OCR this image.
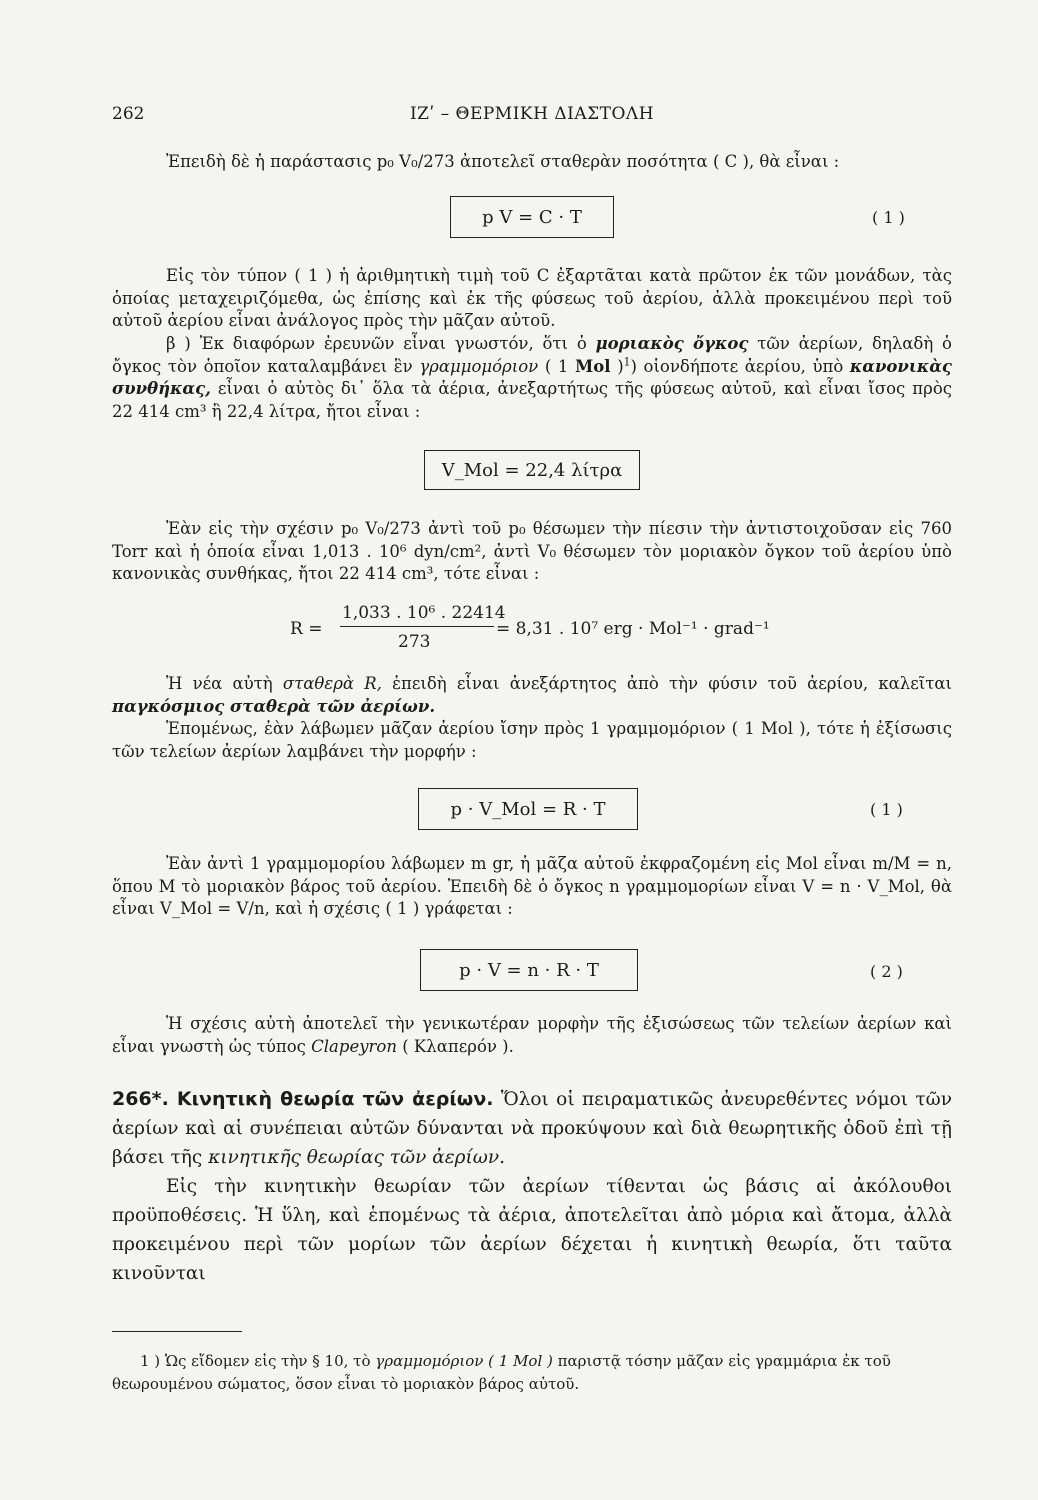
262	ΙΖʹ – ΘΕΡΜΙΚΗ ΔΙΑΣΤΟΛΗ

Ἐπειδὴ δὲ ἡ παράστασις p₀ V₀/273 ἀποτελεῖ σταθερὰν ποσότητα ( C ), θὰ εἶναι :

p V = C · T	( 1 )

Εἰς τὸν τύπον ( 1 ) ἡ ἀριθμητικὴ τιμὴ τοῦ C ἐξαρτᾶται κατὰ πρῶτον ἐκ τῶν μονάδων, τὰς ὁποίας μεταχειριζόμεθα, ὡς ἐπίσης καὶ ἐκ τῆς φύσεως τοῦ ἀερίου, ἀλλὰ προκειμένου περὶ τοῦ αὐτοῦ ἀερίου εἶναι ἀνάλογος πρὸς τὴν μᾶζαν αὐτοῦ.

β ) Ἐκ διαφόρων ἐρευνῶν εἶναι γνωστόν, ὅτι ὁ μοριακὸς ὄγκος τῶν ἀερίων, δηλαδὴ ὁ ὄγκος τὸν ὁποῖον καταλαμβάνει ἓν γραμμομόριον ( 1 Mol )$^1$) οἱονδήποτε ἀερίου, ὑπὸ κανονικὰς συνθήκας, εἶναι ὁ αὐτὸς δι᾽ ὅλα τὰ ἀέρια, ἀνεξαρτήτως τῆς φύσεως αὐτοῦ, καὶ εἶναι ἴσος πρὸς 22 414 cm³ ἢ 22,4 λίτρα, ἤτοι εἶναι :

V_Mol = 22,4 λίτρα

Ἐὰν εἰς τὴν σχέσιν p₀ V₀/273 ἀντὶ τοῦ p₀ θέσωμεν τὴν πίεσιν τὴν ἀντιστοιχοῦσαν εἰς 760 Torr καὶ ἡ ὁποία εἶναι 1,013 . 10⁶ dyn/cm², ἀντὶ V₀ θέσωμεν τὸν μοριακὸν ὄγκον τοῦ ἀερίου ὑπὸ κανονικὰς συνθήκας, ἤτοι 22 414 cm³, τότε εἶναι :

R =
1,033 . 10⁶ . 22414
273
= 8,31 . 10⁷ erg · Mol⁻¹ · grad⁻¹

Ἡ νέα αὐτὴ σταθερὰ R, ἐπειδὴ εἶναι ἀνεξάρτητος ἀπὸ τὴν φύσιν τοῦ ἀερίου, καλεῖται παγκόσμιος σταθερὰ τῶν ἀερίων.

Ἑπομένως, ἐὰν λάβωμεν μᾶζαν ἀερίου ἴσην πρὸς 1 γραμμομόριον ( 1 Mol ), τότε ἡ ἐξίσωσις τῶν τελείων ἀερίων λαμβάνει τὴν μορφήν :

p · V_Mol = R · T	( 1 )

Ἐὰν ἀντὶ 1 γραμμομορίου λάβωμεν m gr, ἡ μᾶζα αὐτοῦ ἐκφραζομένη εἰς Mol εἶναι m/M = n, ὅπου M τὸ μοριακὸν βάρος τοῦ ἀερίου. Ἐπειδὴ δὲ ὁ ὄγκος n γραμμομορίων εἶναι V = n · V_Mol, θὰ εἶναι V_Mol = V/n, καὶ ἡ σχέσις ( 1 ) γράφεται :

p · V = n · R · T	( 2 )

Ἡ σχέσις αὐτὴ ἀποτελεῖ τὴν γενικωτέραν μορφὴν τῆς ἐξισώσεως τῶν τελείων ἀερίων καὶ εἶναι γνωστὴ ὡς τύπος Clapeyron ( Κλαπερόν ).

266*. Κινητικὴ θεωρία τῶν ἀερίων. Ὅλοι οἱ πειραματικῶς ἀνευρεθέντες νόμοι τῶν ἀερίων καὶ αἱ συνέπειαι αὐτῶν δύνανται νὰ προκύψουν καὶ διὰ θεωρητικῆς ὁδοῦ ἐπὶ τῇ βάσει τῆς κινητικῆς θεωρίας τῶν ἀερίων.

Εἰς τὴν κινητικὴν θεωρίαν τῶν ἀερίων τίθενται ὡς βάσις αἱ ἀκόλουθοι προϋποθέσεις. Ἡ ὕλη, καὶ ἑπομένως τὰ ἀέρια, ἀποτελεῖται ἀπὸ μόρια καὶ ἄτομα, ἀλλὰ προκειμένου περὶ τῶν μορίων τῶν ἀερίων δέχεται ἡ κινητικὴ θεωρία, ὅτι ταῦτα κινοῦνται

1 ) Ὡς εἴδομεν εἰς τὴν § 10, τὸ γραμμομόριον ( 1 Mol ) παριστᾷ τόσην μᾶζαν εἰς γραμμάρια ἐκ τοῦ θεωρουμένου σώματος, ὅσον εἶναι τὸ μοριακὸν βάρος αὐτοῦ.
